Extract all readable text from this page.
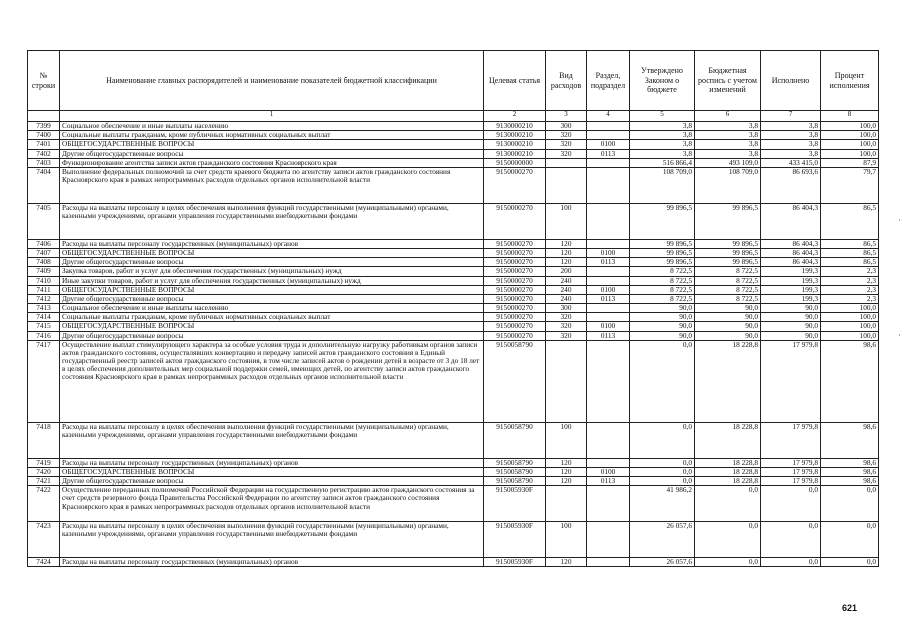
№ строки	Наименование главных распорядителей и наименование показателей бюджетной классификации	Целевая статья	Вид расходов	Раздел, подраздел	Утверждено Законом о бюджете	Бюджетная роспись с учетом изменений	Исполнено	Процент исполнения
	1	2	3	4	5	6	7	8
7399	Социальное обеспечение и иные выплаты населению	9130000210	300		3,8	3,8	3,8	100,0
7400	Социальные выплаты гражданам, кроме публичных нормативных социальных выплат	9130000210	320		3,8	3,8	3,8	100,0
7401	ОБЩЕГОСУДАРСТВЕННЫЕ ВОПРОСЫ	9130000210	320	0100	3,8	3,8	3,8	100,0
7402	Другие общегосударственные вопросы	9130000210	320	0113	3,8	3,8	3,8	100,0
7403	Функционирование агентства записи актов гражданского состояния Красноярского края	9150000000			516 866,4	493 109,0	433 415,0	87,9
7404	Выполнение федеральных полномочий за счет средств краевого бюджета по агентству записи актов гражданского состояния Красноярского края в рамках непрограммных расходов отдельных органов исполнительной власти	9150000270			108 709,0	108 709,0	86 693,6	79,7
7405	Расходы на выплаты персоналу в целях обеспечения выполнения функций государственными (муниципальными) органами, казенными учреждениями, органами управления государственными внебюджетными фондами	9150000270	100		99 896,5	99 896,5	86 404,3	86,5
7406	Расходы на выплаты персоналу государственных (муниципальных) органов	9150000270	120		99 896,5	99 896,5	86 404,3	86,5
7407	ОБЩЕГОСУДАРСТВЕННЫЕ ВОПРОСЫ	9150000270	120	0100	99 896,5	99 896,5	86 404,3	86,5
7408	Другие общегосударственные вопросы	9150000270	120	0113	99 896,5	99 896,5	86 404,3	86,5
7409	Закупка товаров, работ и услуг для обеспечения государственных (муниципальных) нужд	9150000270	200		8 722,5	8 722,5	199,3	2,3
7410	Иные закупки товаров, работ и услуг для обеспечения государственных (муниципальных) нужд	9150000270	240		8 722,5	8 722,5	199,3	2,3
7411	ОБЩЕГОСУДАРСТВЕННЫЕ ВОПРОСЫ	9150000270	240	0100	8 722,5	8 722,5	199,3	2,3
7412	Другие общегосударственные вопросы	9150000270	240	0113	8 722,5	8 722,5	199,3	2,3
7413	Социальное обеспечение и иные выплаты населению	9150000270	300		90,0	90,0	90,0	100,0
7414	Социальные выплаты гражданам, кроме публичных нормативных социальных выплат	9150000270	320		90,0	90,0	90,0	100,0
7415	ОБЩЕГОСУДАРСТВЕННЫЕ ВОПРОСЫ	9150000270	320	0100	90,0	90,0	90,0	100,0
7416	Другие общегосударственные вопросы	9150000270	320	0113	90,0	90,0	90,0	100,0
7417	Осуществление выплат стимулирующего характера за особые условия труда и дополнительную нагрузку работникам органов записи актов гражданского состояния, осуществлявших конвертацию и передачу записей актов гражданского состояния в Единый государственный реестр записей актов гражданского состояния, в том числе записей актов о рождении детей в возрасте от 3 до 18 лет в целях обеспечения дополнительных мер социальной поддержки семей, имеющих детей, по агентству записи актов гражданского состояния Красноярского края в рамках непрограммных расходов отдельных органов исполнительной власти	9150058790			0,0	18 228,8	17 979,8	98,6
7418	Расходы на выплаты персоналу в целях обеспечения выполнения функций государственными (муниципальными) органами, казенными учреждениями, органами управления государственными внебюджетными фондами	9150058790	100		0,0	18 228,8	17 979,8	98,6
7419	Расходы на выплаты персоналу государственных (муниципальных) органов	9150058790	120		0,0	18 228,8	17 979,8	98,6
7420	ОБЩЕГОСУДАРСТВЕННЫЕ ВОПРОСЫ	9150058790	120	0100	0,0	18 228,8	17 979,8	98,6
7421	Другие общегосударственные вопросы	9150058790	120	0113	0,0	18 228,8	17 979,8	98,6
7422	Осуществление переданных полномочий Российской Федерации на государственную регистрацию актов гражданского состояния за счет средств резервного фонда Правительства Российской Федерации по агентству записи актов гражданского состояния Красноярского края в рамках непрограммных расходов отдельных органов исполнительной власти	915005930F			41 986,2	0,0	0,0	0,0
7423	Расходы на выплаты персоналу в целях обеспечения выполнения функций государственными (муниципальными) органами, казенными учреждениями, органами управления государственными внебюджетными фондами	915005930F	100		26 057,6	0,0	0,0	0,0
7424	Расходы на выплаты персоналу государственных (муниципальных) органов	915005930F	120		26 057,6	0,0	0,0	0,0
621
·
·
